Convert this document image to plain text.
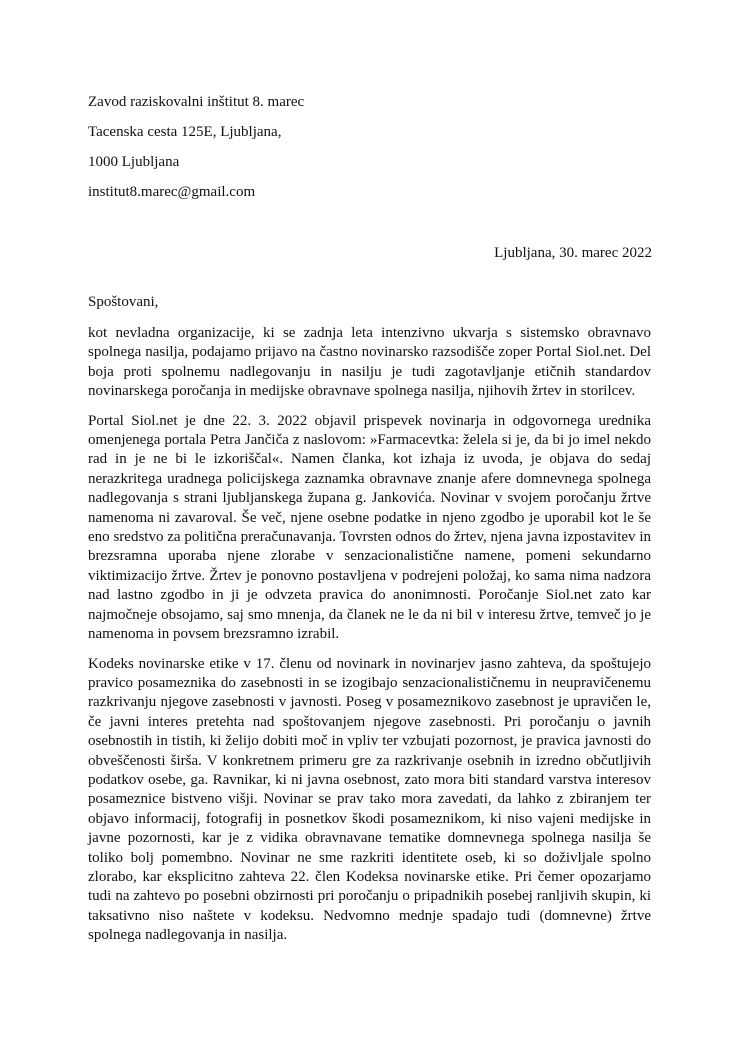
Zavod raziskovalni inštitut 8. marec

Tacenska cesta 125E, Ljubljana,

1000 Ljubljana

institut8.marec@gmail.com

Ljubljana, 30. marec 2022

Spoštovani,

kot nevladna organizacije, ki se zadnja leta intenzivno ukvarja s sistemsko obravnavo spolnega nasilja, podajamo prijavo na častno novinarsko razsodišče zoper Portal Siol.net. Del boja proti spolnemu nadlegovanju in nasilju je tudi zagotavljanje etičnih standardov novinarskega poročanja in medijske obravnave spolnega nasilja, njihovih žrtev in storilcev.

Portal Siol.net je dne 22. 3. 2022 objavil prispevek novinarja in odgovornega urednika omenjenega portala Petra Jančiča z naslovom: »Farmacevtka: želela si je, da bi jo imel nekdo rad in je ne bi le izkoriščal«. Namen članka, kot izhaja iz uvoda, je objava do sedaj nerazkritega uradnega policijskega zaznamka obravnave znanje afere domnevnega spolnega nadlegovanja s strani ljubljanskega župana g. Jankovića. Novinar v svojem poročanju žrtve namenoma ni zavaroval. Še več, njene osebne podatke in njeno zgodbo je uporabil kot le še eno sredstvo za politična preračunavanja. Tovrsten odnos do žrtev, njena javna izpostavitev in brezsramna uporaba njene zlorabe v senzacionalistične namene, pomeni sekundarno viktimizacijo žrtve. Žrtev je ponovno postavljena v podrejeni položaj, ko sama nima nadzora nad lastno zgodbo in ji je odvzeta pravica do anonimnosti. Poročanje Siol.net zato kar najmočneje obsojamo, saj smo mnenja, da članek ne le da ni bil v interesu žrtve, temveč jo je namenoma in povsem brezsramno izrabil.

Kodeks novinarske etike v 17. členu od novinark in novinarjev jasno zahteva, da spoštujejo pravico posameznika do zasebnosti in se izogibajo senzacionalističnemu in neupravičenemu razkrivanju njegove zasebnosti v javnosti. Poseg v posameznikovo zasebnost je upravičen le, če javni interes pretehta nad spoštovanjem njegove zasebnosti. Pri poročanju o javnih osebnostih in tistih, ki želijo dobiti moč in vpliv ter vzbujati pozornost, je pravica javnosti do obveščenosti širša. V konkretnem primeru gre za razkrivanje osebnih in izredno občutljivih podatkov osebe, ga. Ravnikar, ki ni javna osebnost, zato mora biti standard varstva interesov posameznice bistveno višji. Novinar se prav tako mora zavedati, da lahko z zbiranjem ter objavo informacij, fotografij in posnetkov škodi posameznikom, ki niso vajeni medijske in javne pozornosti, kar je z vidika obravnavane tematike domnevnega spolnega nasilja še toliko bolj pomembno. Novinar ne sme razkriti identitete oseb, ki so doživljale spolno zlorabo, kar eksplicitno zahteva 22. člen Kodeksa novinarske etike. Pri čemer opozarjamo tudi na zahtevo po posebni obzirnosti pri poročanju o pripadnikih posebej ranljivih skupin, ki taksativno niso naštete v kodeksu. Nedvomno mednje spadajo tudi (domnevne) žrtve spolnega nadlegovanja in nasilja.
